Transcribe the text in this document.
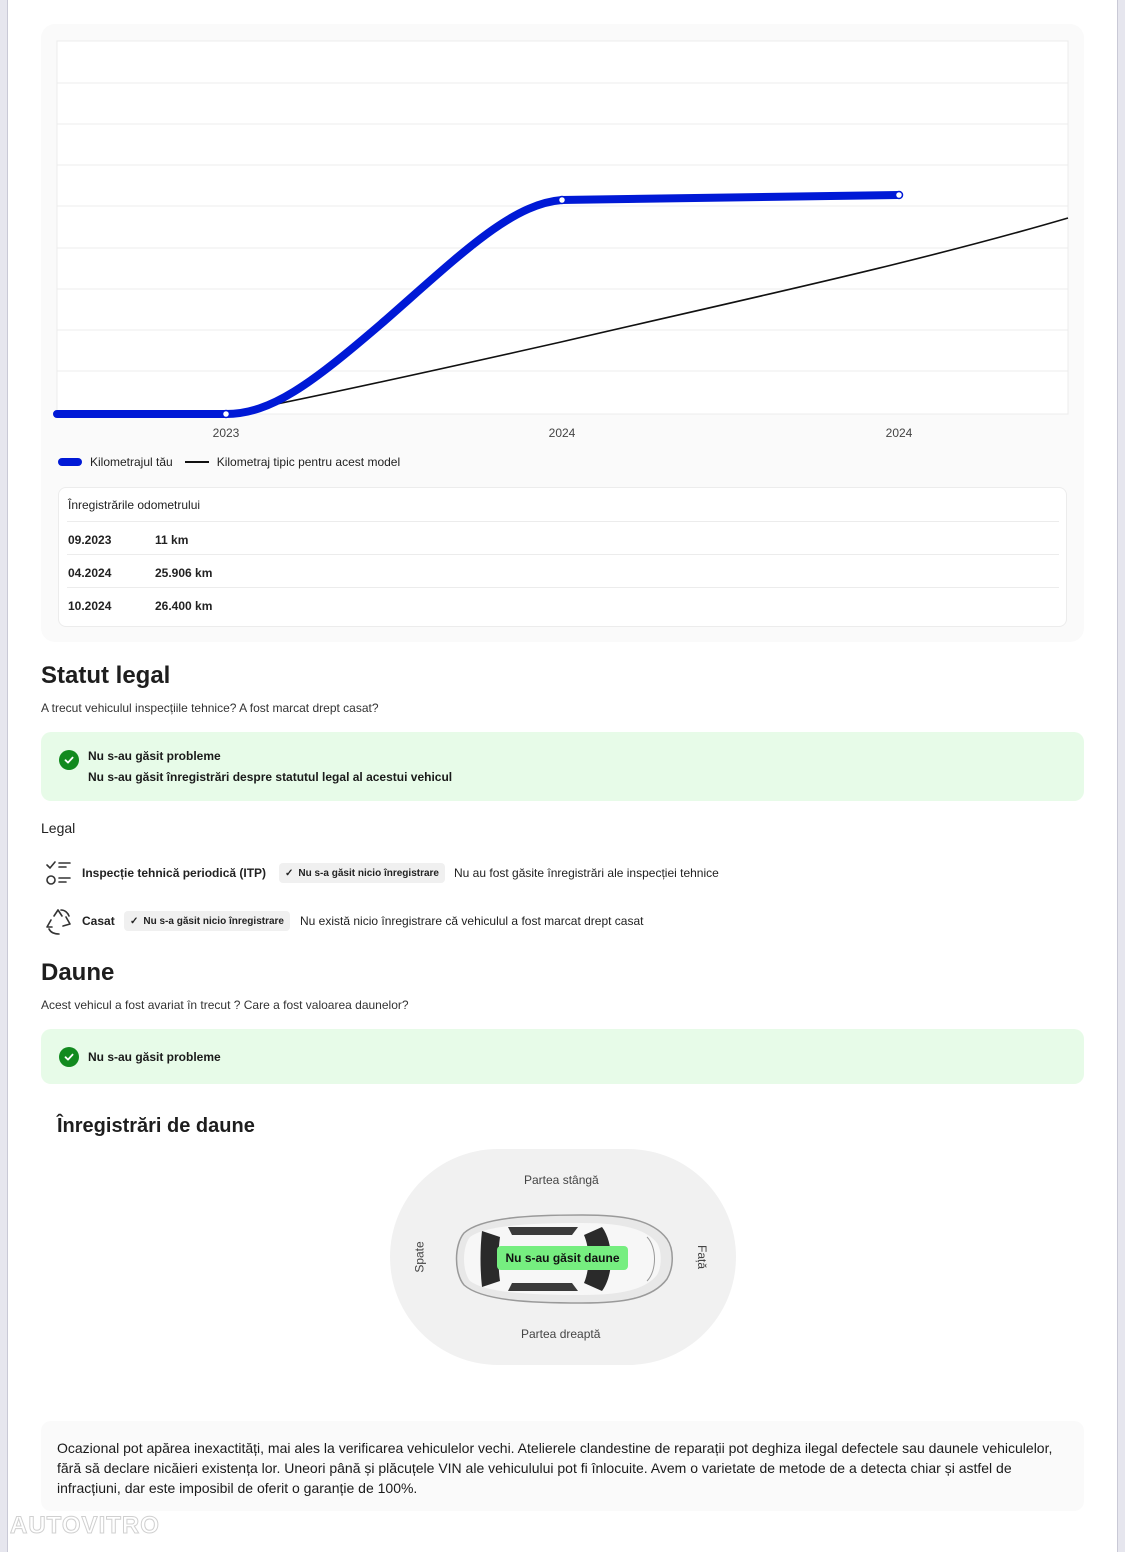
2023	2024	2024
Kilometrajul tău	Kilometraj tipic pentru acest model
Înregistrările odometrului
09.2023	11 km
04.2024	25.906 km
10.2024	26.400 km
Statut legal
A trecut vehiculul inspecțiile tehnice? A fost marcat drept casat?
Nu s-au găsit probleme
Nu s-au găsit înregistrări despre statutul legal al acestui vehicul
Legal
Inspecție tehnică periodică (ITP) ✓ Nu s-a găsit nicio înregistrare Nu au fost găsite înregistrări ale inspecției tehnice
Casat ✓ Nu s-a găsit nicio înregistrare Nu există nicio înregistrare că vehiculul a fost marcat drept casat
Daune
Acest vehicul a fost avariat în trecut ? Care a fost valoarea daunelor?
Nu s-au găsit probleme
Înregistrări de daune
Partea stângă
Partea dreaptă
Spate	Față
Nu s-au găsit daune
Ocazional pot apărea inexactități, mai ales la verificarea vehiculelor vechi. Atelierele clandestine de reparații pot deghiza ilegal defectele sau daunele vehiculelor, fără să declare nicăieri existența lor. Uneori până și plăcuțele VIN ale vehiculului pot fi înlocuite. Avem o varietate de metode de a detecta chiar și astfel de infracțiuni, dar este imposibil de oferit o garanție de 100%.
AUTOVITRO
